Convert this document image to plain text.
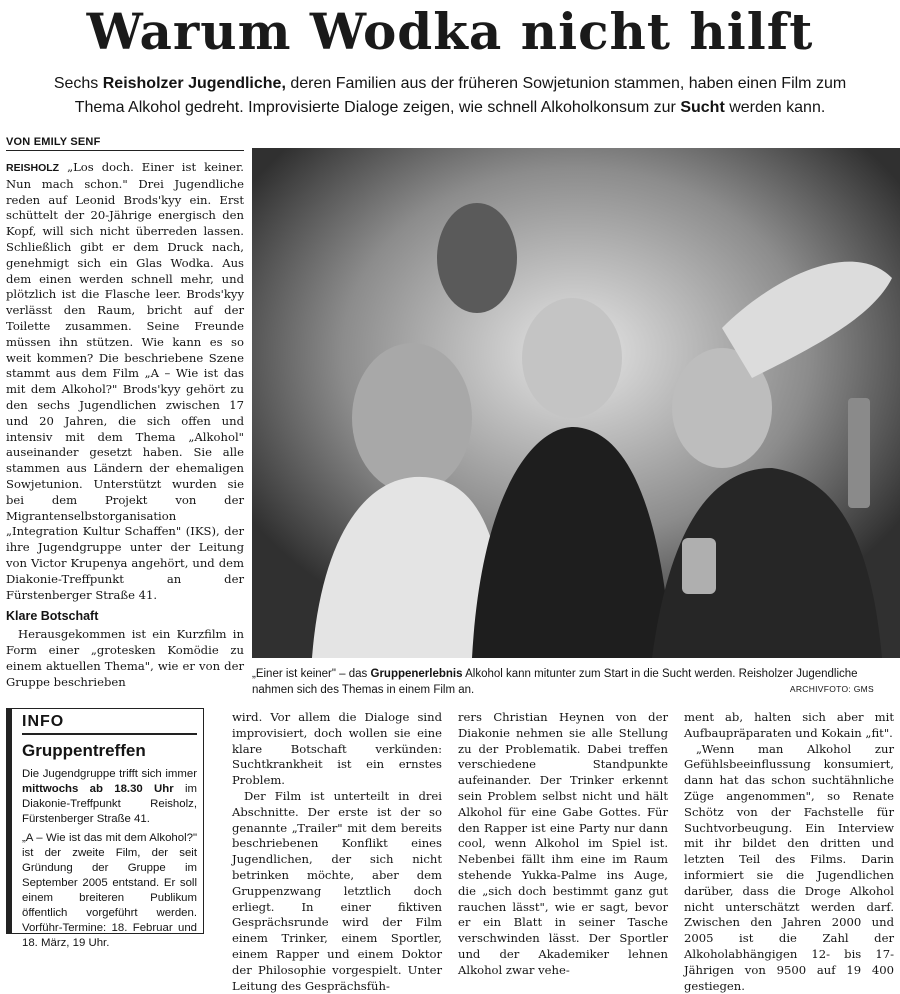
Warum Wodka nicht hilft
Sechs Reisholzer Jugendliche, deren Familien aus der früheren Sowjetunion stammen, haben einen Film zum Thema Alkohol gedreht. Improvisierte Dialoge zeigen, wie schnell Alkoholkonsum zur Sucht werden kann.
VON EMILY SENF

REISHOLZ „Los doch. Einer ist keiner. Nun mach schon." Drei Jugendliche reden auf Leonid Brods'kyy ein. Erst schüttelt der 20-Jährige energisch den Kopf, will sich nicht überreden lassen. Schließlich gibt er dem Druck nach, genehmigt sich ein Glas Wodka. Aus dem einen werden schnell mehr, und plötzlich ist die Flasche leer. Brods'kyy verlässt den Raum, bricht auf der Toilette zusammen. Seine Freunde müssen ihn stützen. Wie kann es so weit kommen? Die beschriebene Szene stammt aus dem Film „A – Wie ist das mit dem Alkohol?" Brods'kyy gehört zu den sechs Jugendlichen zwischen 17 und 20 Jahren, die sich offen und intensiv mit dem Thema „Alkohol" auseinander gesetzt haben. Sie alle stammen aus Ländern der ehemaligen Sowjetunion. Unterstützt wurden sie bei dem Projekt von der Migrantenselbstorganisation „Integration Kultur Schaffen" (IKS), der ihre Jugendgruppe unter der Leitung von Victor Krupenya angehört, und dem Diakonie-Treffpunkt an der Fürstenberger Straße 41.

Klare Botschaft

Herausgekommen ist ein Kurzfilm in Form einer „grotesken Komödie zu einem aktuellen Thema", wie er von der Gruppe beschrieben

„Einer ist keiner" – das Gruppenerlebnis Alkohol kann mitunter zum Start in die Sucht werden. Reisholzer Jugendliche nahmen sich des Themas in einem Film an.	ARCHIVFOTO: GMS
INFO
Gruppentreffen

Die Jugendgruppe trifft sich immer mittwochs ab 18.30 Uhr im Diakonie-Treffpunkt Reisholz, Fürstenberger Straße 41.

„A – Wie ist das mit dem Alkohol?" ist der zweite Film, der seit Gründung der Gruppe im September 2005 entstand. Er soll einem breiteren Publikum öffentlich vorgeführt werden. Vorführ-Termine: 18. Februar und 18. März, 19 Uhr.

wird. Vor allem die Dialoge sind improvisiert, doch wollen sie eine klare Botschaft verkünden: Suchtkrankheit ist ein ernstes Problem.

Der Film ist unterteilt in drei Abschnitte. Der erste ist der so genannte „Trailer" mit dem bereits beschriebenen Konflikt eines Jugendlichen, der sich nicht betrinken möchte, aber dem Gruppenzwang letztlich doch erliegt. In einer fiktiven Gesprächsrunde wird der Film einem Trinker, einem Sportler, einem Rapper und einem Doktor der Philosophie vorgespielt. Unter Leitung des Gesprächsfüh-

rers Christian Heynen von der Diakonie nehmen sie alle Stellung zu der Problematik. Dabei treffen verschiedene Standpunkte aufeinander. Der Trinker erkennt sein Problem selbst nicht und hält Alkohol für eine Gabe Gottes. Für den Rapper ist eine Party nur dann cool, wenn Alkohol im Spiel ist. Nebenbei fällt ihm eine im Raum stehende Yukka-Palme ins Auge, die „sich doch bestimmt ganz gut rauchen lässt", wie er sagt, bevor er ein Blatt in seiner Tasche verschwinden lässt. Der Sportler und der Akademiker lehnen Alkohol zwar vehe-

ment ab, halten sich aber mit Aufbaupräparaten und Kokain „fit".

„Wenn man Alkohol zur Gefühlsbeeinflussung konsumiert, dann hat das schon suchtähnliche Züge angenommen", so Renate Schötz von der Fachstelle für Suchtvorbeugung. Ein Interview mit ihr bildet den dritten und letzten Teil des Films. Darin informiert sie die Jugendlichen darüber, dass die Droge Alkohol nicht unterschätzt werden darf. Zwischen den Jahren 2000 und 2005 ist die Zahl der Alkoholabhängigen 12- bis 17-Jährigen von 9500 auf 19 400 gestiegen.
